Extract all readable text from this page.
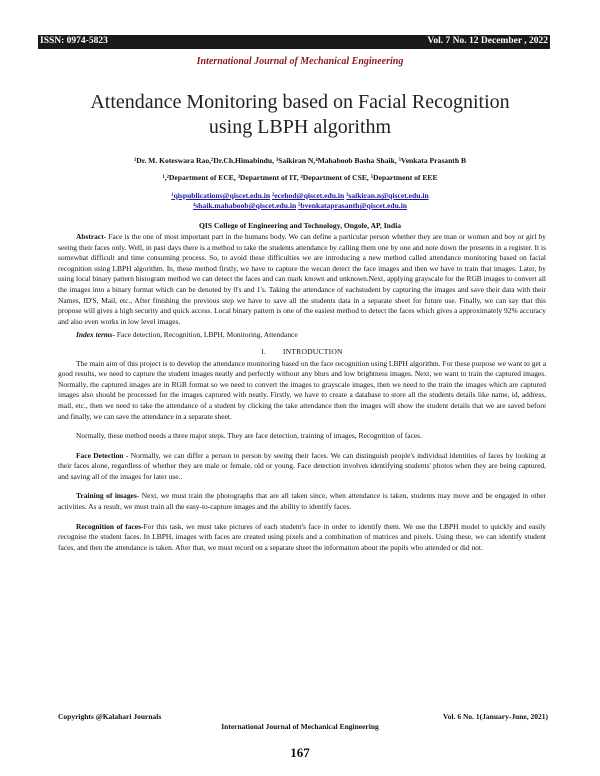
ISSN: 0974-5823	Vol. 7 No. 12 December , 2022
International Journal of Mechanical Engineering
Attendance Monitoring based on Facial Recognition
using LBPH algorithm
¹Dr. M. Koteswara Rao,²Dr.Ch.Himabindu, ³Saikiran N,⁴Mahaboob Basha Shaik, ⁵Venkata Prasanth B
¹,²Department of ECE, ³Department of IT, ⁴Department of CSE, ⁵Department of EEE
¹qispublications@qiscet.edu.in ²ecehod@qiscet.edu.in ³saikiran.n@qiscet.edu.in
⁴shaik.mahaboob@qiscet.edu.in ⁵bvenkataprasanth@qiscet.edu.in
QIS College of Engineering and Technology, Ongole, AP, India

Abstract- Face is the one of most important part in the humans body. We can define a particular person whether they are man or women and boy or girl by seeing their faces only. Well, in past days there is a method to take the students attendance by calling them one by one and note down the presents in a register. It is somewhat difficult and time consuming process. So, to avoid these difficulties we are introducing a new method called attendance monitoring based on facial recognition using LBPH algorithm. In, these method firstly, we have to capture the wecan detect the face images and then we have to train that images. Later, by using local binary pattern histogram method we can detect the faces and can mark known and unknown.Next, applying grayscale for the RGB images to convert all the images into a binary format which can be denoted by 0's and 1's. Taking the attendance of eachstudent by capturing the images and save their data with their Names, ID'S, Mail, etc., After finishing the previous step we have to save all the students data in a separate sheet for future use. Finally, we can say that this propose will gives a high security and quick access. Local binary pattern is one of the easiest method to detect the faces which gives a approximately 92% accuracy and also even works in low level images.

Index terms- Face detection, Recognition, LBPH, Monitoring, Attendance
I. INTRODUCTION

The main aim of this project is to develop the attendance monitoring based on the face recognition using LBPH algorithm. For these purpose we want to get a good results, we need to capture the student images neatly and perfectly without any blurs and low brightness images. Next, we want to train the captured images. Normally, the captured images are in RGB format so we need to convert the images to grayscale images, then we need to the train the images which are captured images also should be processed for the images captured with neatly. Firstly, we have to create a database to store all the students details like name, id, address, mail, etc., then we need to take the attendance of a student by clicking the take attendance then the images will show the student details that we are saved before and finally, we can save the attendance in a separate sheet.

Normally, these method needs a three major steps. They are face detection, training of images, Recognition of faces.

Face Detection - Normally, we can differ a person to person by seeing their faces. We can distinguish people's individual identities of faces by looking at their faces alone, regardless of whether they are male or female, old or young. Face detection involves identifying students' photos when they are being captured, and saving all of the images for later use..

Training of images- Next, we must train the photographs that are all taken since, when attendance is taken, students may move and be engaged in other activities. As a result, we must train all the easy-to-capture images and the ability to identify faces.

Recognition of faces-For this task, we must take pictures of each student's face in order to identify them. We use the LBPH model to quickly and easily recognise the student faces. In LBPH, images with faces are created using pixels and a combination of matrices and pixels. Using these, we can identify student faces, and then the attendance is taken. After that, we must record on a separate sheet the information about the pupils who attended or did not.

Copyrights @Kalahari Journals	Vol. 6 No. 1(January-June, 2021)
International Journal of Mechanical Engineering
167
